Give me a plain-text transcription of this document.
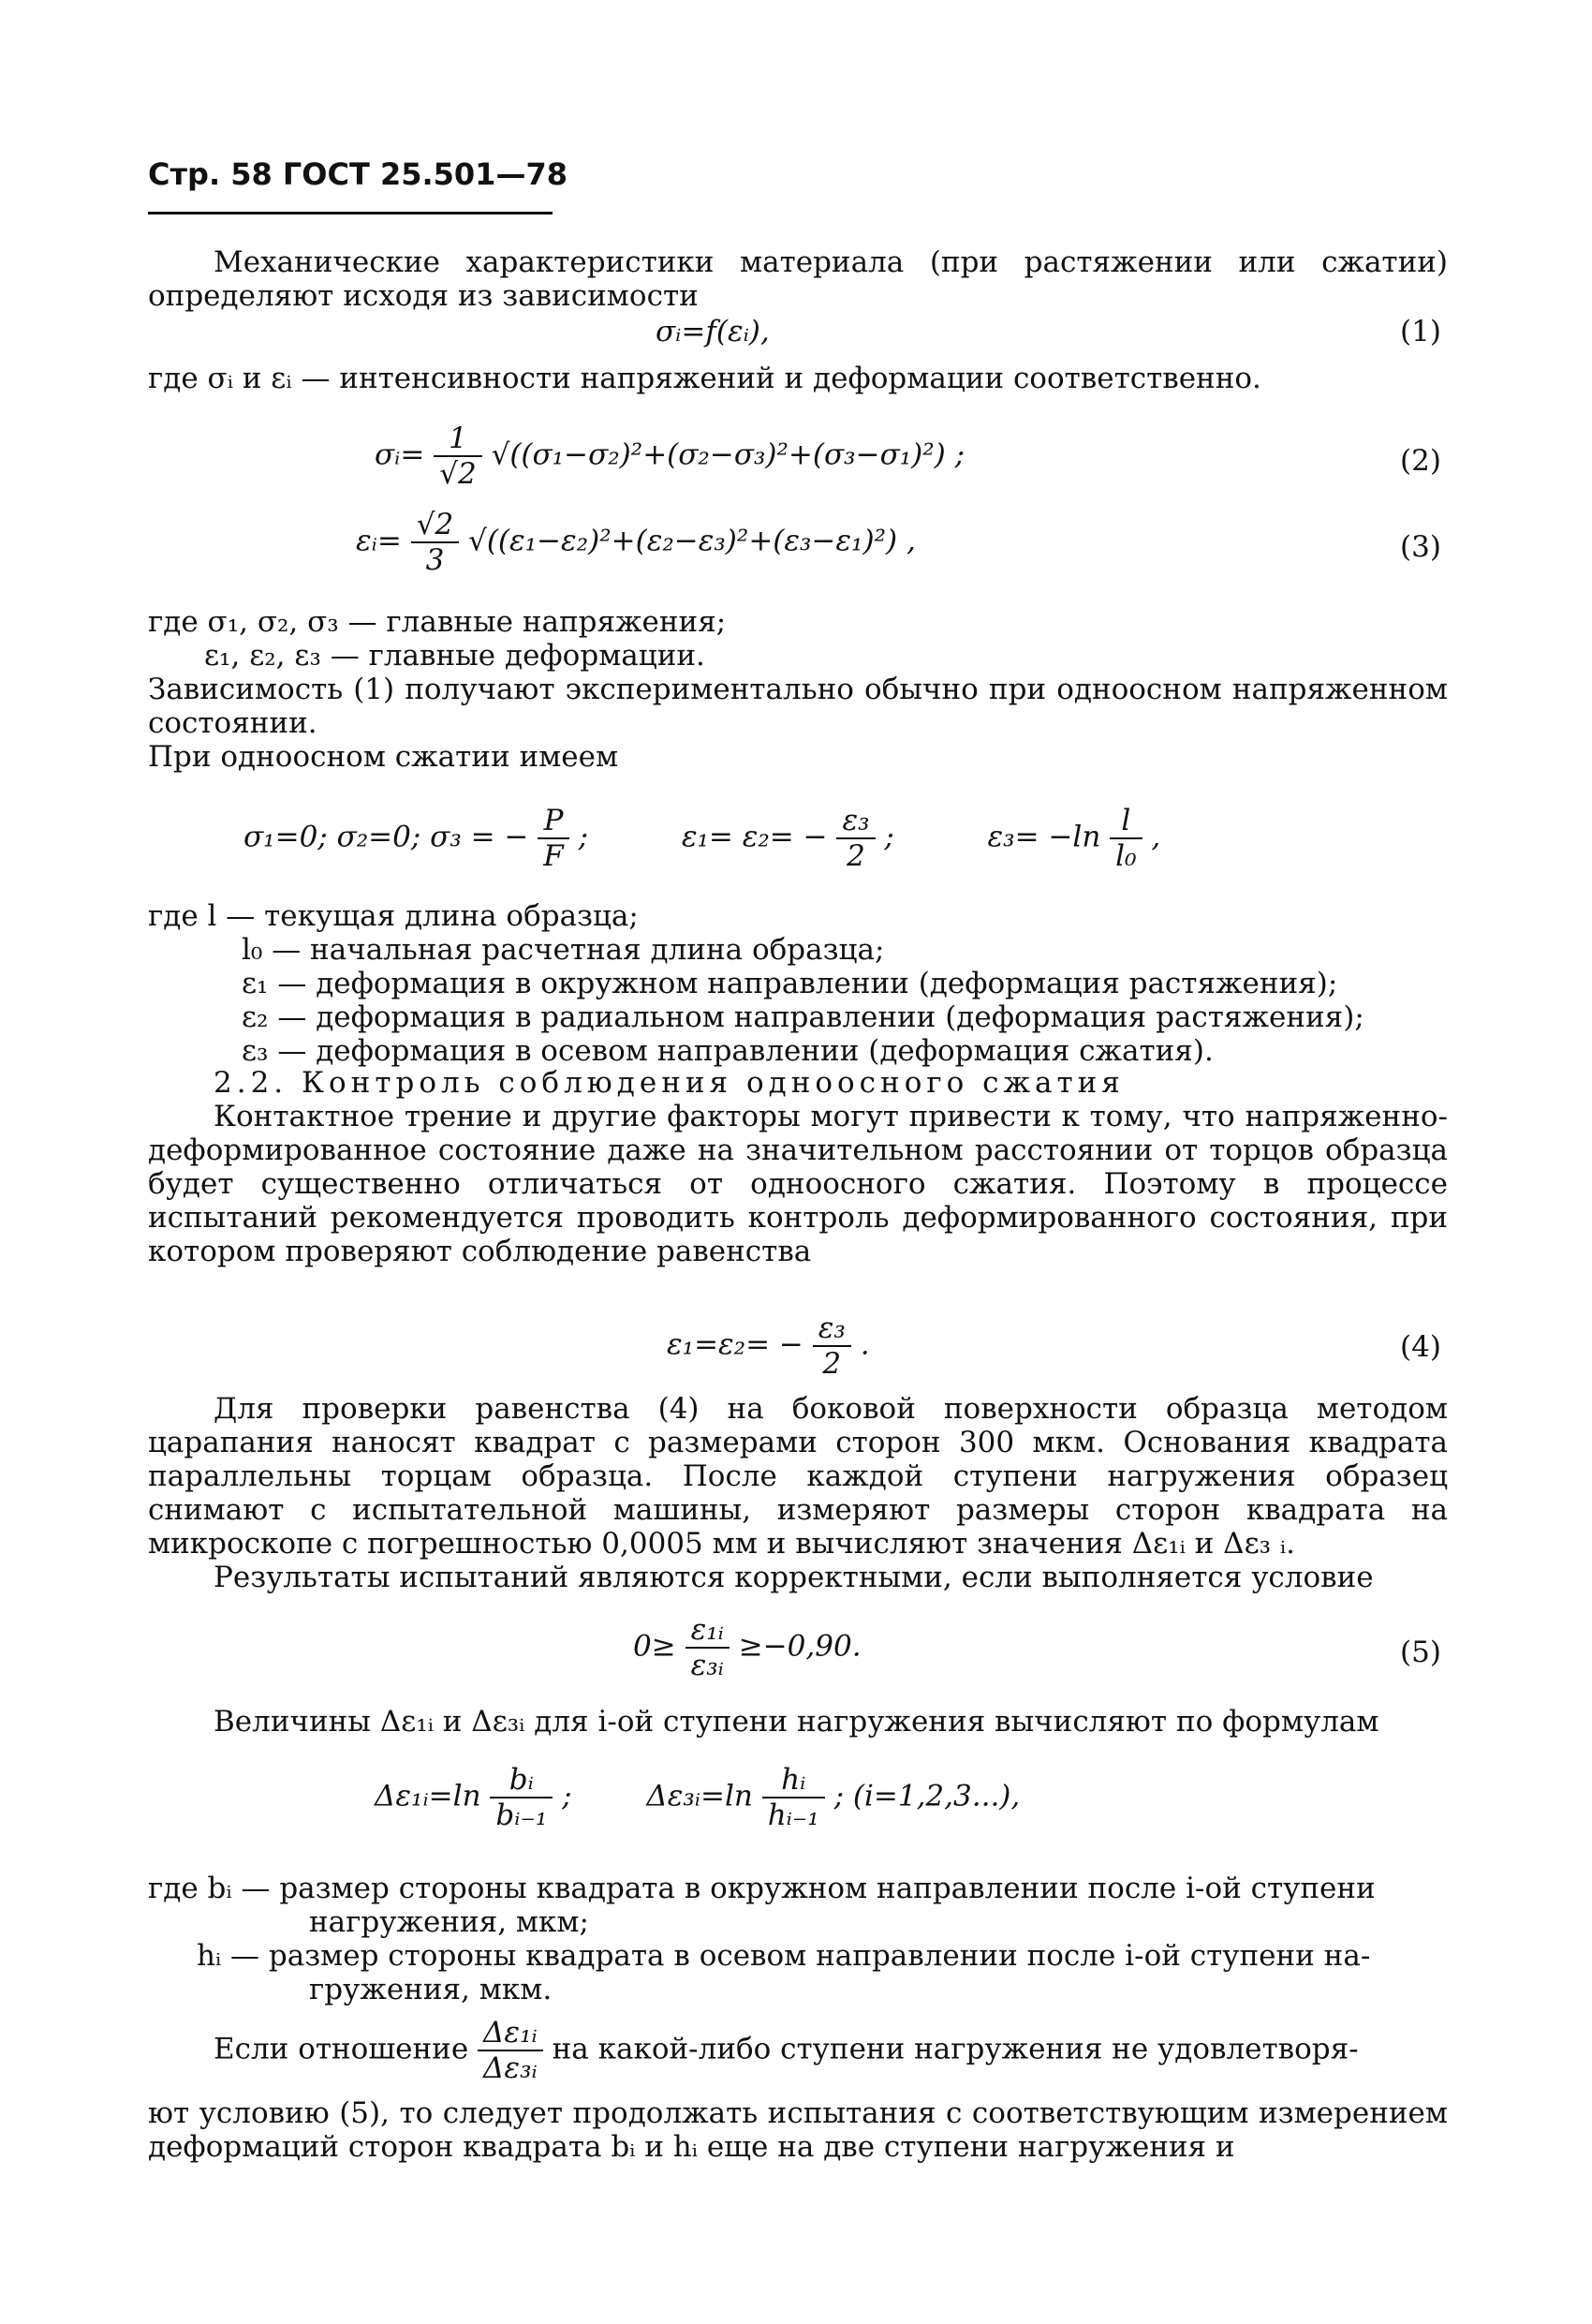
Стр. 58 ГОСТ 25.501—78
Механические характеристики материала (при растяжении или сжатии) определяют исходя из зависимости
σᵢ=f(εᵢ),	(1)
где σᵢ и εᵢ — интенсивности напряжений и деформации соответственно.
σᵢ= $\frac{1}{√2} √((\sigma_1-\sigma_2)^2+(\sigma_2-\sigma_3)^2+(\sigma_3-\sigma_1)^2)$ ;	(2)
εᵢ= $\frac{√2}{3} √((\varepsilon_1-\varepsilon_2)^2+(\varepsilon_2-\varepsilon_3)^2+(\varepsilon_3-\varepsilon_1)^2)$ ,	(3)
где σ₁, σ₂, σ₃ — главные напряжения;
ε₁, ε₂, ε₃ — главные деформации.
Зависимость (1) получают экспериментально обычно при одноосном напряженном состоянии.
При одноосном сжатии имеем
σ₁=0; σ₂=0; σ₃ = − $\frac{P}{F}$ ;	$\varepsilon_1= \varepsilon_2= - \frac{\text{ε₃}}{2}$ ;	$\varepsilon_3= -\ln \frac{l}{\text{l₀}}$ ,
где l — текущая длина образца;
l₀ — начальная расчетная длина образца;
ε₁ — деформация в окружном направлении (деформация растяжения);
ε₂ — деформация в радиальном направлении (деформация растяжения);
ε₃ — деформация в осевом направлении (деформация сжатия).
2.2. Контроль соблюдения одноосного сжатия
Контактное трение и другие факторы могут привести к тому, что напряженно-деформированное состояние даже на значительном расстоянии от торцов образца будет существенно отличаться от одноосного сжатия. Поэтому в процессе испытаний рекомендуется проводить контроль деформированного состояния, при котором проверяют соблюдение равенства
$\varepsilon_1=\varepsilon_2= - \frac{\text{ε₃}}{2}$ .	(4)
Для проверки равенства (4) на боковой поверхности образца методом царапания наносят квадрат с размерами сторон 300 мкм. Основания квадрата параллельны торцам образца. После каждой ступени нагружения образец снимают с испытательной машины, измеряют размеры сторон квадрата на микроскопе с погрешностью 0,0005 мм и вычисляют значения Δε₁ᵢ и Δε₃ ᵢ.
Результаты испытаний являются корректными, если выполняется условие
$0\ge \frac{\text{ε₁ᵢ}}{\text{ε₃ᵢ}} \ge-0,90$.	(5)
Величины Δε₁ᵢ и Δε₃ᵢ для i-ой ступени нагружения вычисляют по формулам
Δε₁ᵢ=ln $\frac{\text{bᵢ}}{\text{bᵢ₋₁}}$ ;	Δε₃ᵢ=ln $\frac{\text{hᵢ}}{\text{hᵢ₋₁}}$ ; (i=1,2,3...),
где bᵢ — размер стороны квадрата в окружном направлении после i-ой ступени
нагружения, мкм;
hᵢ — размер стороны квадрата в осевом направлении после i-ой ступени на-
гружения, мкм.
Если отношение $\frac{\text{Δε₁ᵢ}}{\text{Δε₃ᵢ}}$ на какой-либо ступени нагружения не удовлетворя-
ют условию (5), то следует продолжать испытания с соответствующим измерением деформаций сторон квадрата bᵢ и hᵢ еще на две ступени нагружения и
